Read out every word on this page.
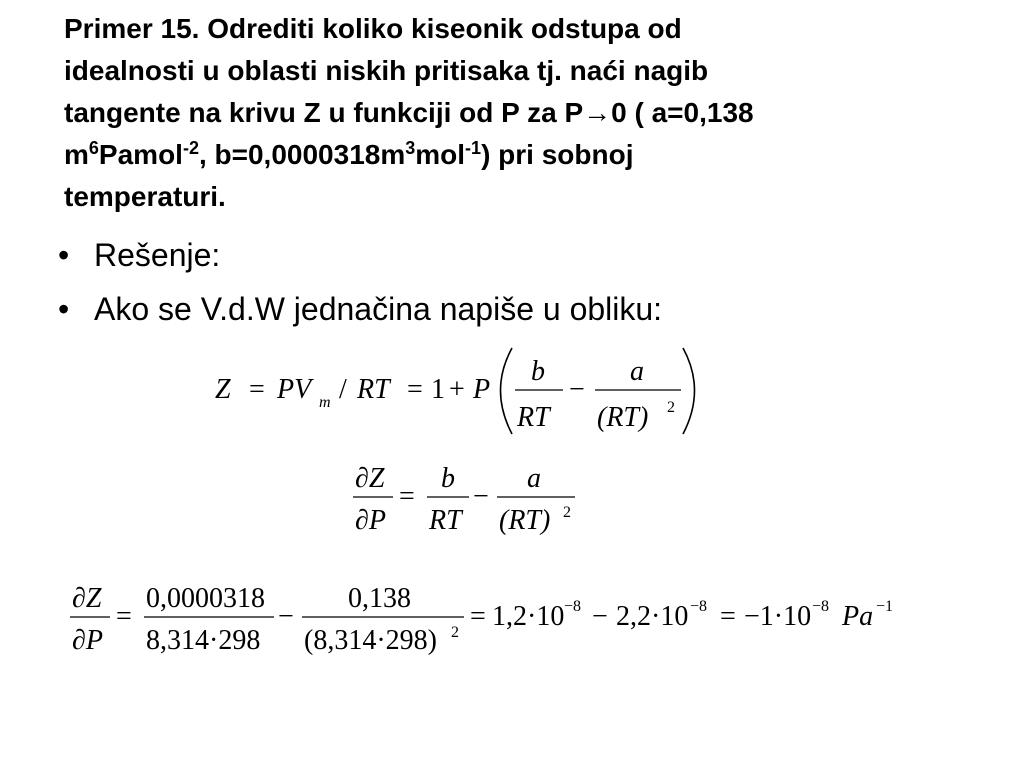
Primer 15. Odrediti koliko kiseonik odstupa od
idealnosti u oblasti niskih pritisaka tj. naći nagib
tangente na krivu Z u funkciji od P za P→0 ( a=0,138
$m^6Pamol^{-2}$, $b=0,0000318m^3mol^{-1}$) pri sobnoj
temperaturi.
• Rešenje:
• Ako se V.d.W jednačina napiše u obliku:
Z = PV m / RT = 1 + P
b
RT
−
a
(RT) 2
∂Z
∂P
=
b
RT
−
a
(RT) 2
∂Z
∂P
=
0,0000318
8,314·298
−
0,138
(8,314·298) 2
= 1,2·10 −8 − 2,2·10 −8 = −1·10 −8 Pa −1
